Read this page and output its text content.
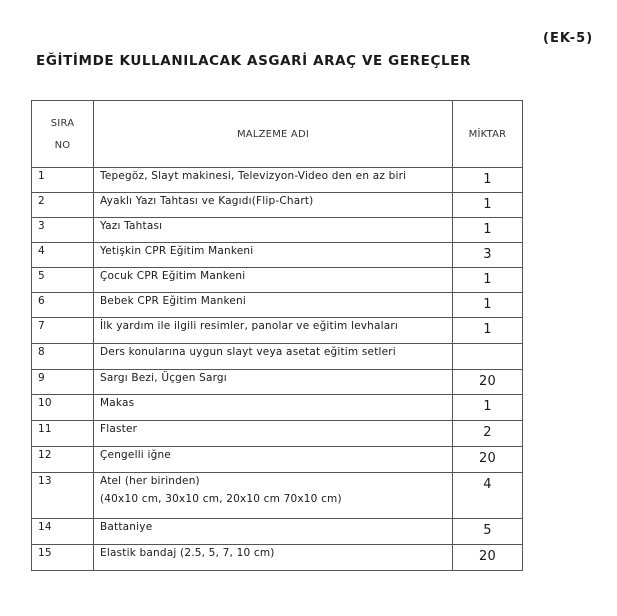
(EK-5)
EĞİTİMDE KULLANILACAK ASGARİ ARAÇ VE GEREÇLER
SIRA

NO	MALZEME ADI	MİKTAR
1	Tepegöz, Slayt makinesi, Televizyon-Video den en az biri	1
2	Ayaklı Yazı Tahtası ve Kagıdı(Flip-Chart)	1
3	Yazı Tahtası	1
4	Yetişkin CPR Eğitim Mankeni	3
5	Çocuk CPR Eğitim Mankeni	1
6	Bebek CPR Eğitim Mankeni	1
7	İlk yardım ile ilgili resimler, panolar ve eğitim levhaları	1
8	Ders konularına uygun slayt veya asetat eğitim setleri	
9	Sargı Bezi, Üçgen Sargı	20
10	Makas	1
11	Flaster	2
12	Çengelli iğne	20
13	Atel (her birinden)
(40x10 cm, 30x10 cm, 20x10 cm 70x10 cm)	4
14	Battaniye	5
15	Elastik bandaj (2.5, 5, 7, 10 cm)	20
